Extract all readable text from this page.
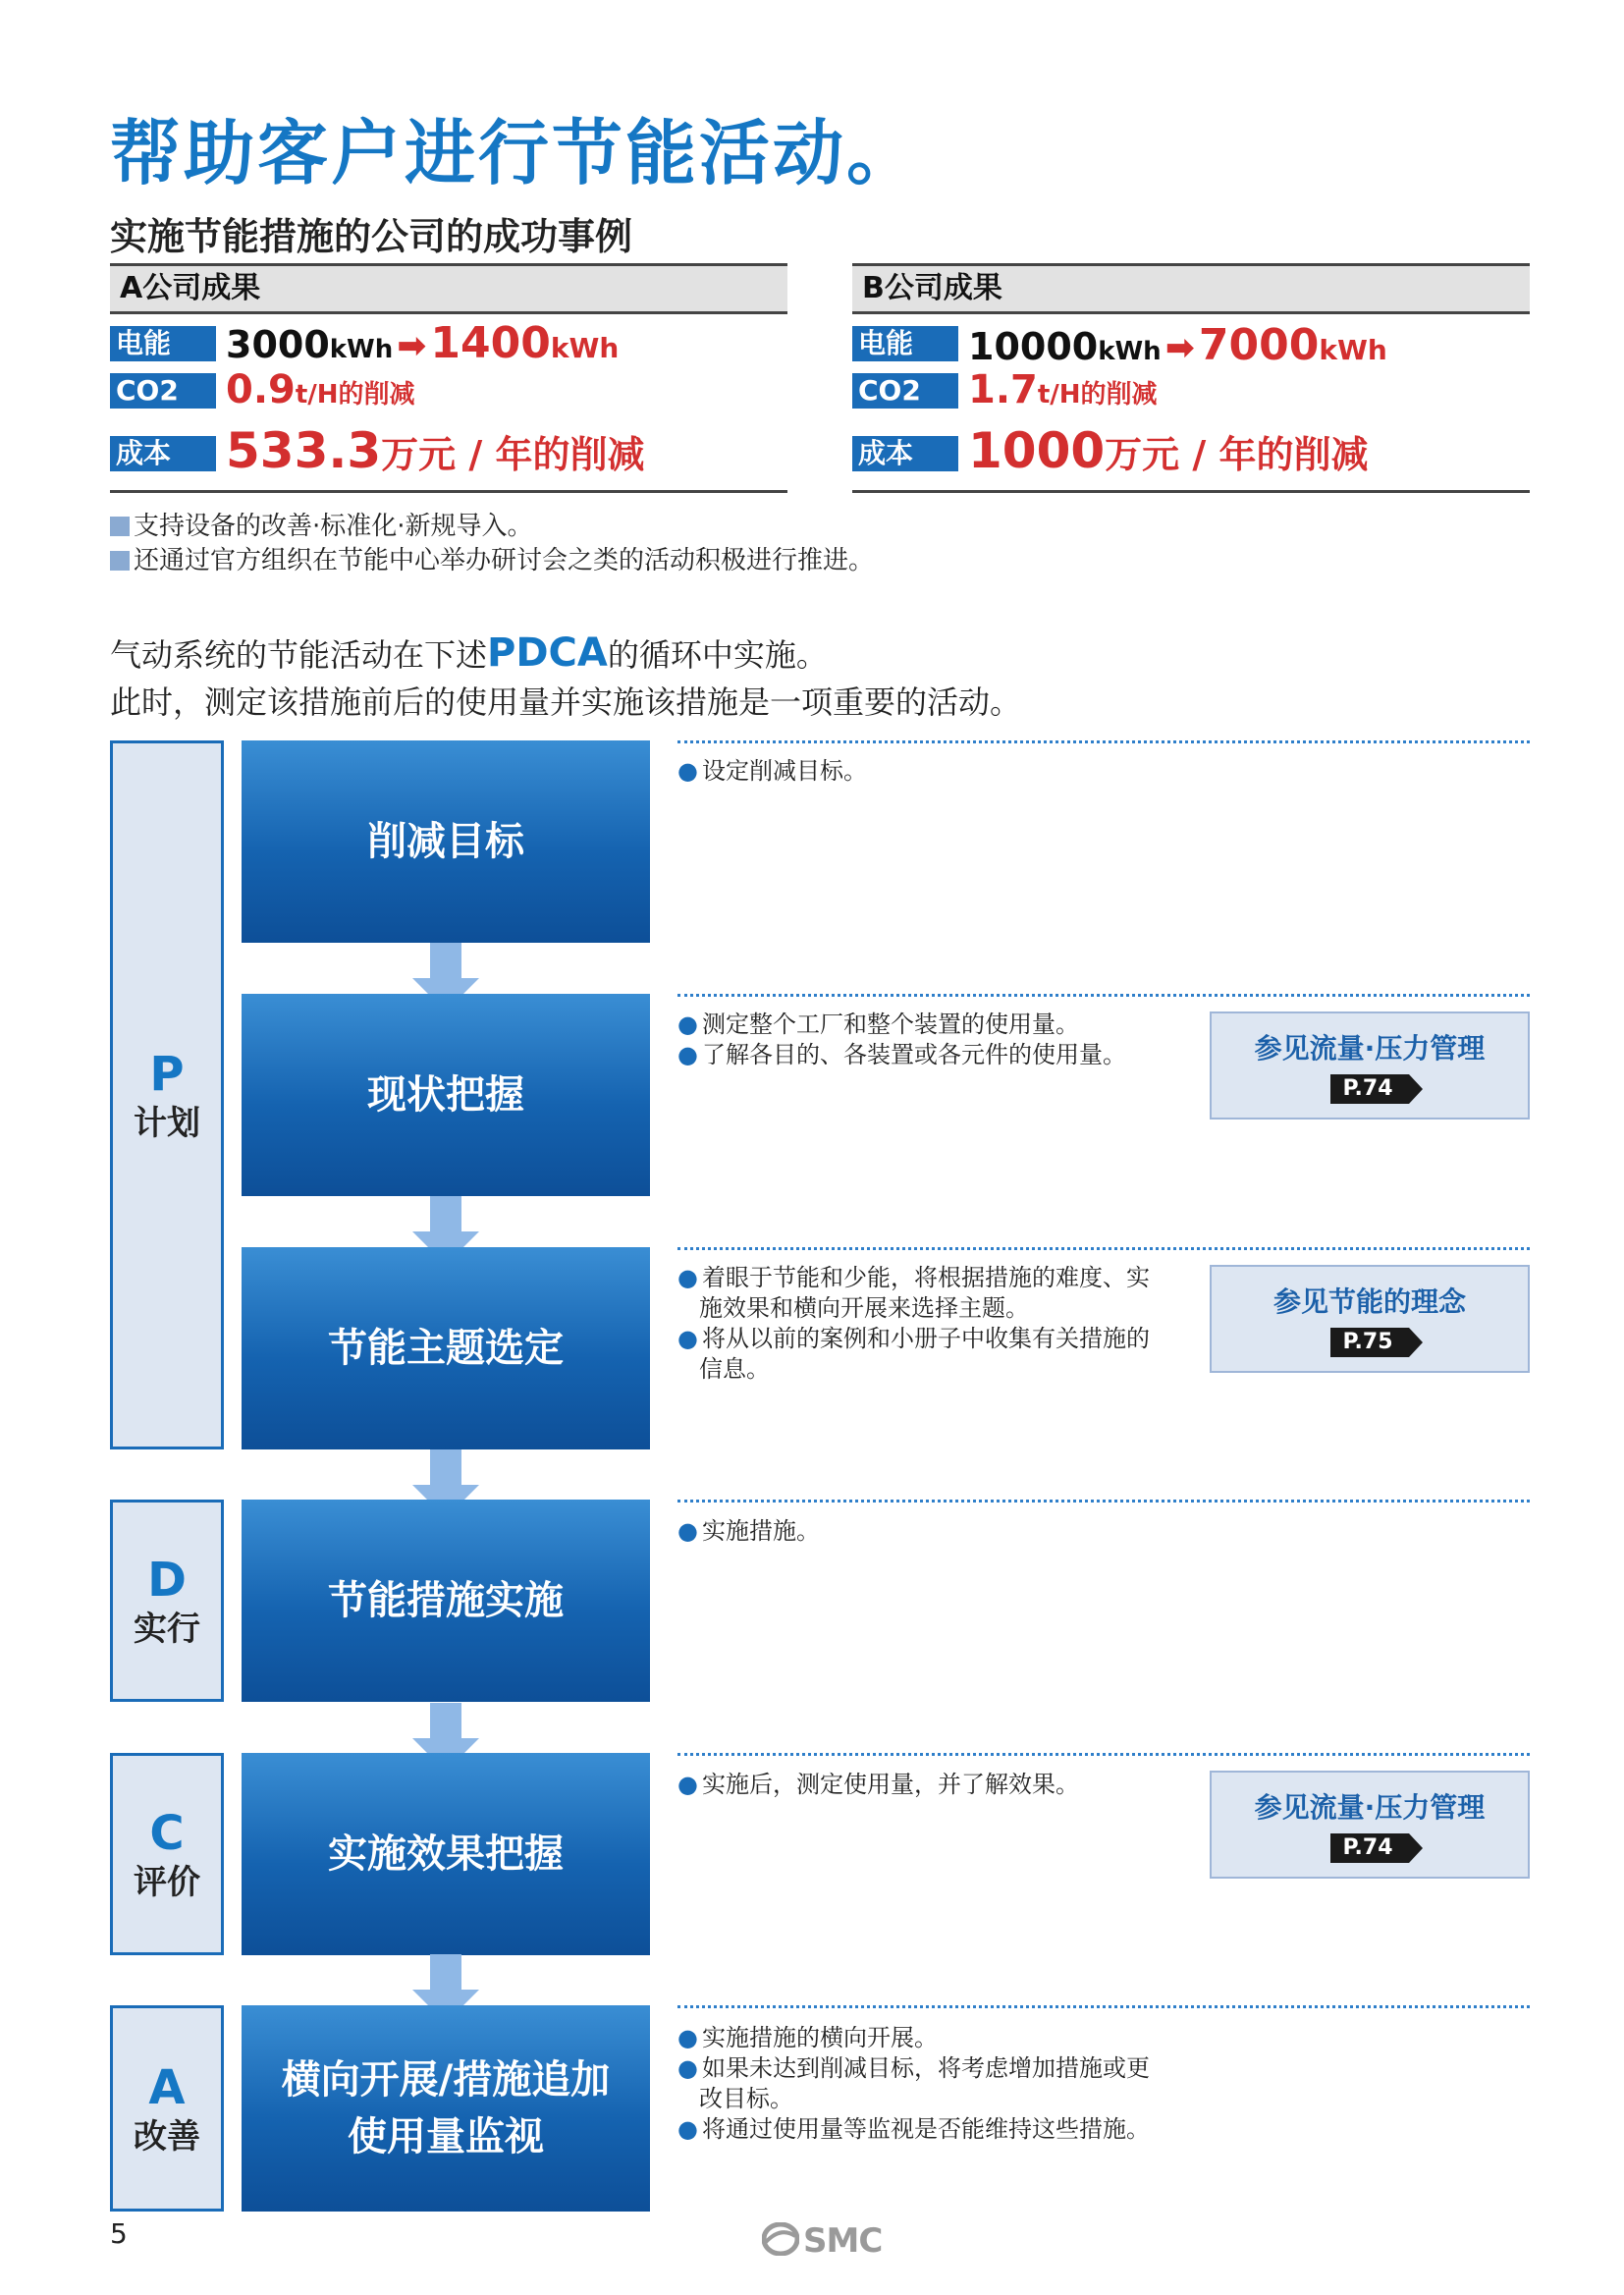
帮助客户进行节能活动。
实施节能措施的公司的成功事例
A公司成果
电能	3000kWh ➡1400kWh
CO2	0.9t/H的削减
成本	533.3万元 / 年的削减
B公司成果
电能	10000kWh ➡7000kWh
CO2	1.7t/H的削减
成本	1000万元 / 年的削减
支持设备的改善·标准化·新规导入。
还通过官方组织在节能中心举办研讨会之类的活动积极进行推进。
气动系统的节能活动在下述PDCA的循环中实施。
此时，测定该措施前后的使用量并实施该措施是一项重要的活动。
P
计划
D
实行
C
评价
A
改善
削减目标
● 设定削减目标。
现状把握
● 测定整个工厂和整个装置的使用量。
● 了解各目的、各装置或各元件的使用量。	参见流量·压力管理
P.74
节能主题选定
● 着眼于节能和少能，将根据措施的难度、实施效果和横向开展来选择主题。
● 将从以前的案例和小册子中收集有关措施的信息。
参见节能的理念
P.75
节能措施实施
● 实施措施。
实施效果把握
● 实施后，测定使用量，并了解效果。
参见流量·压力管理
P.74
横向开展/措施追加
使用量监视
● 实施措施的横向开展。
● 如果未达到削减目标，将考虑增加措施或更改目标。
● 将通过使用量等监视是否能维持这些措施。
5	SMC
